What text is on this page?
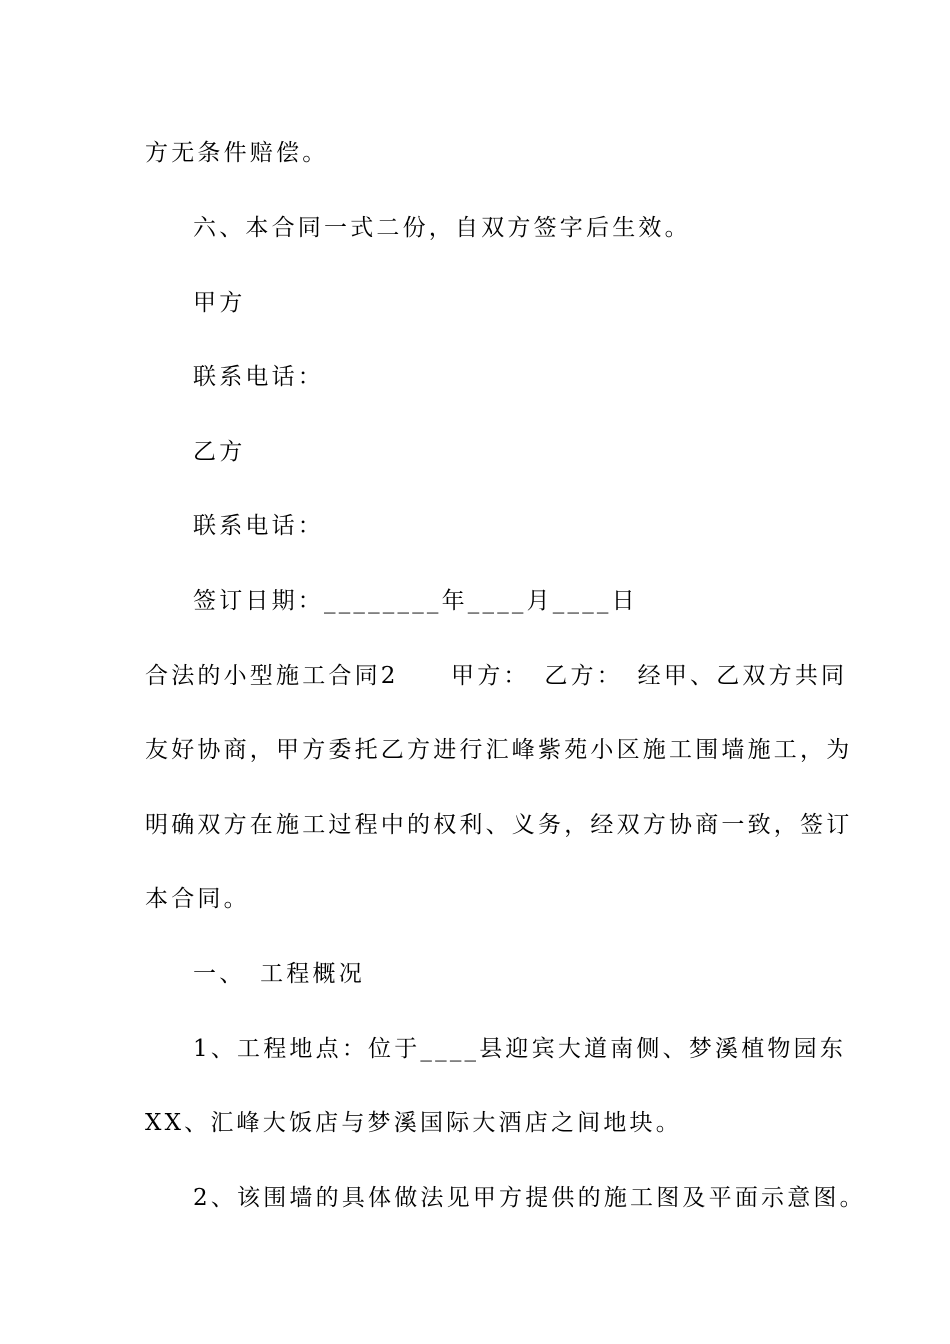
方无条件赔偿。
六、本合同一式二份，自双方签字后生效。
甲方
联系电话：
乙方
联系电话：
签订日期：________年____月____日
合法的小型施工合同2　　甲方：　乙方：　经甲、乙双方共同
友好协商，甲方委托乙方进行汇峰紫苑小区施工围墙施工，为
明确双方在施工过程中的权利、义务，经双方协商一致，签订
本合同。
一、　工程概况
1、工程地点：位于____县迎宾大道南侧、梦溪植物园东
XX、汇峰大饭店与梦溪国际大酒店之间地块。
2、该围墙的具体做法见甲方提供的施工图及平面示意图。
